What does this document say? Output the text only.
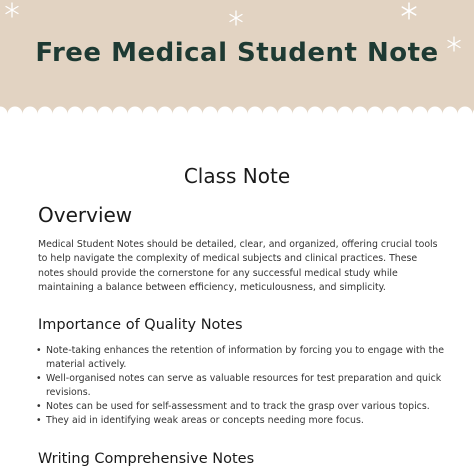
Free Medical Student Note
Class Note
Overview
Medical Student Notes should be detailed, clear, and organized, offering crucial tools to help navigate the complexity of medical subjects and clinical practices. These notes should provide the cornerstone for any successful medical study while maintaining a balance between efficiency, meticulousness, and simplicity.
Importance of Quality Notes
• Note-taking enhances the retention of information by forcing you to engage with the material actively.
• Well-organised notes can serve as valuable resources for test preparation and quick revisions.
• Notes can be used for self-assessment and to track the grasp over various topics.
• They aid in identifying weak areas or concepts needing more focus.
Writing Comprehensive Notes
